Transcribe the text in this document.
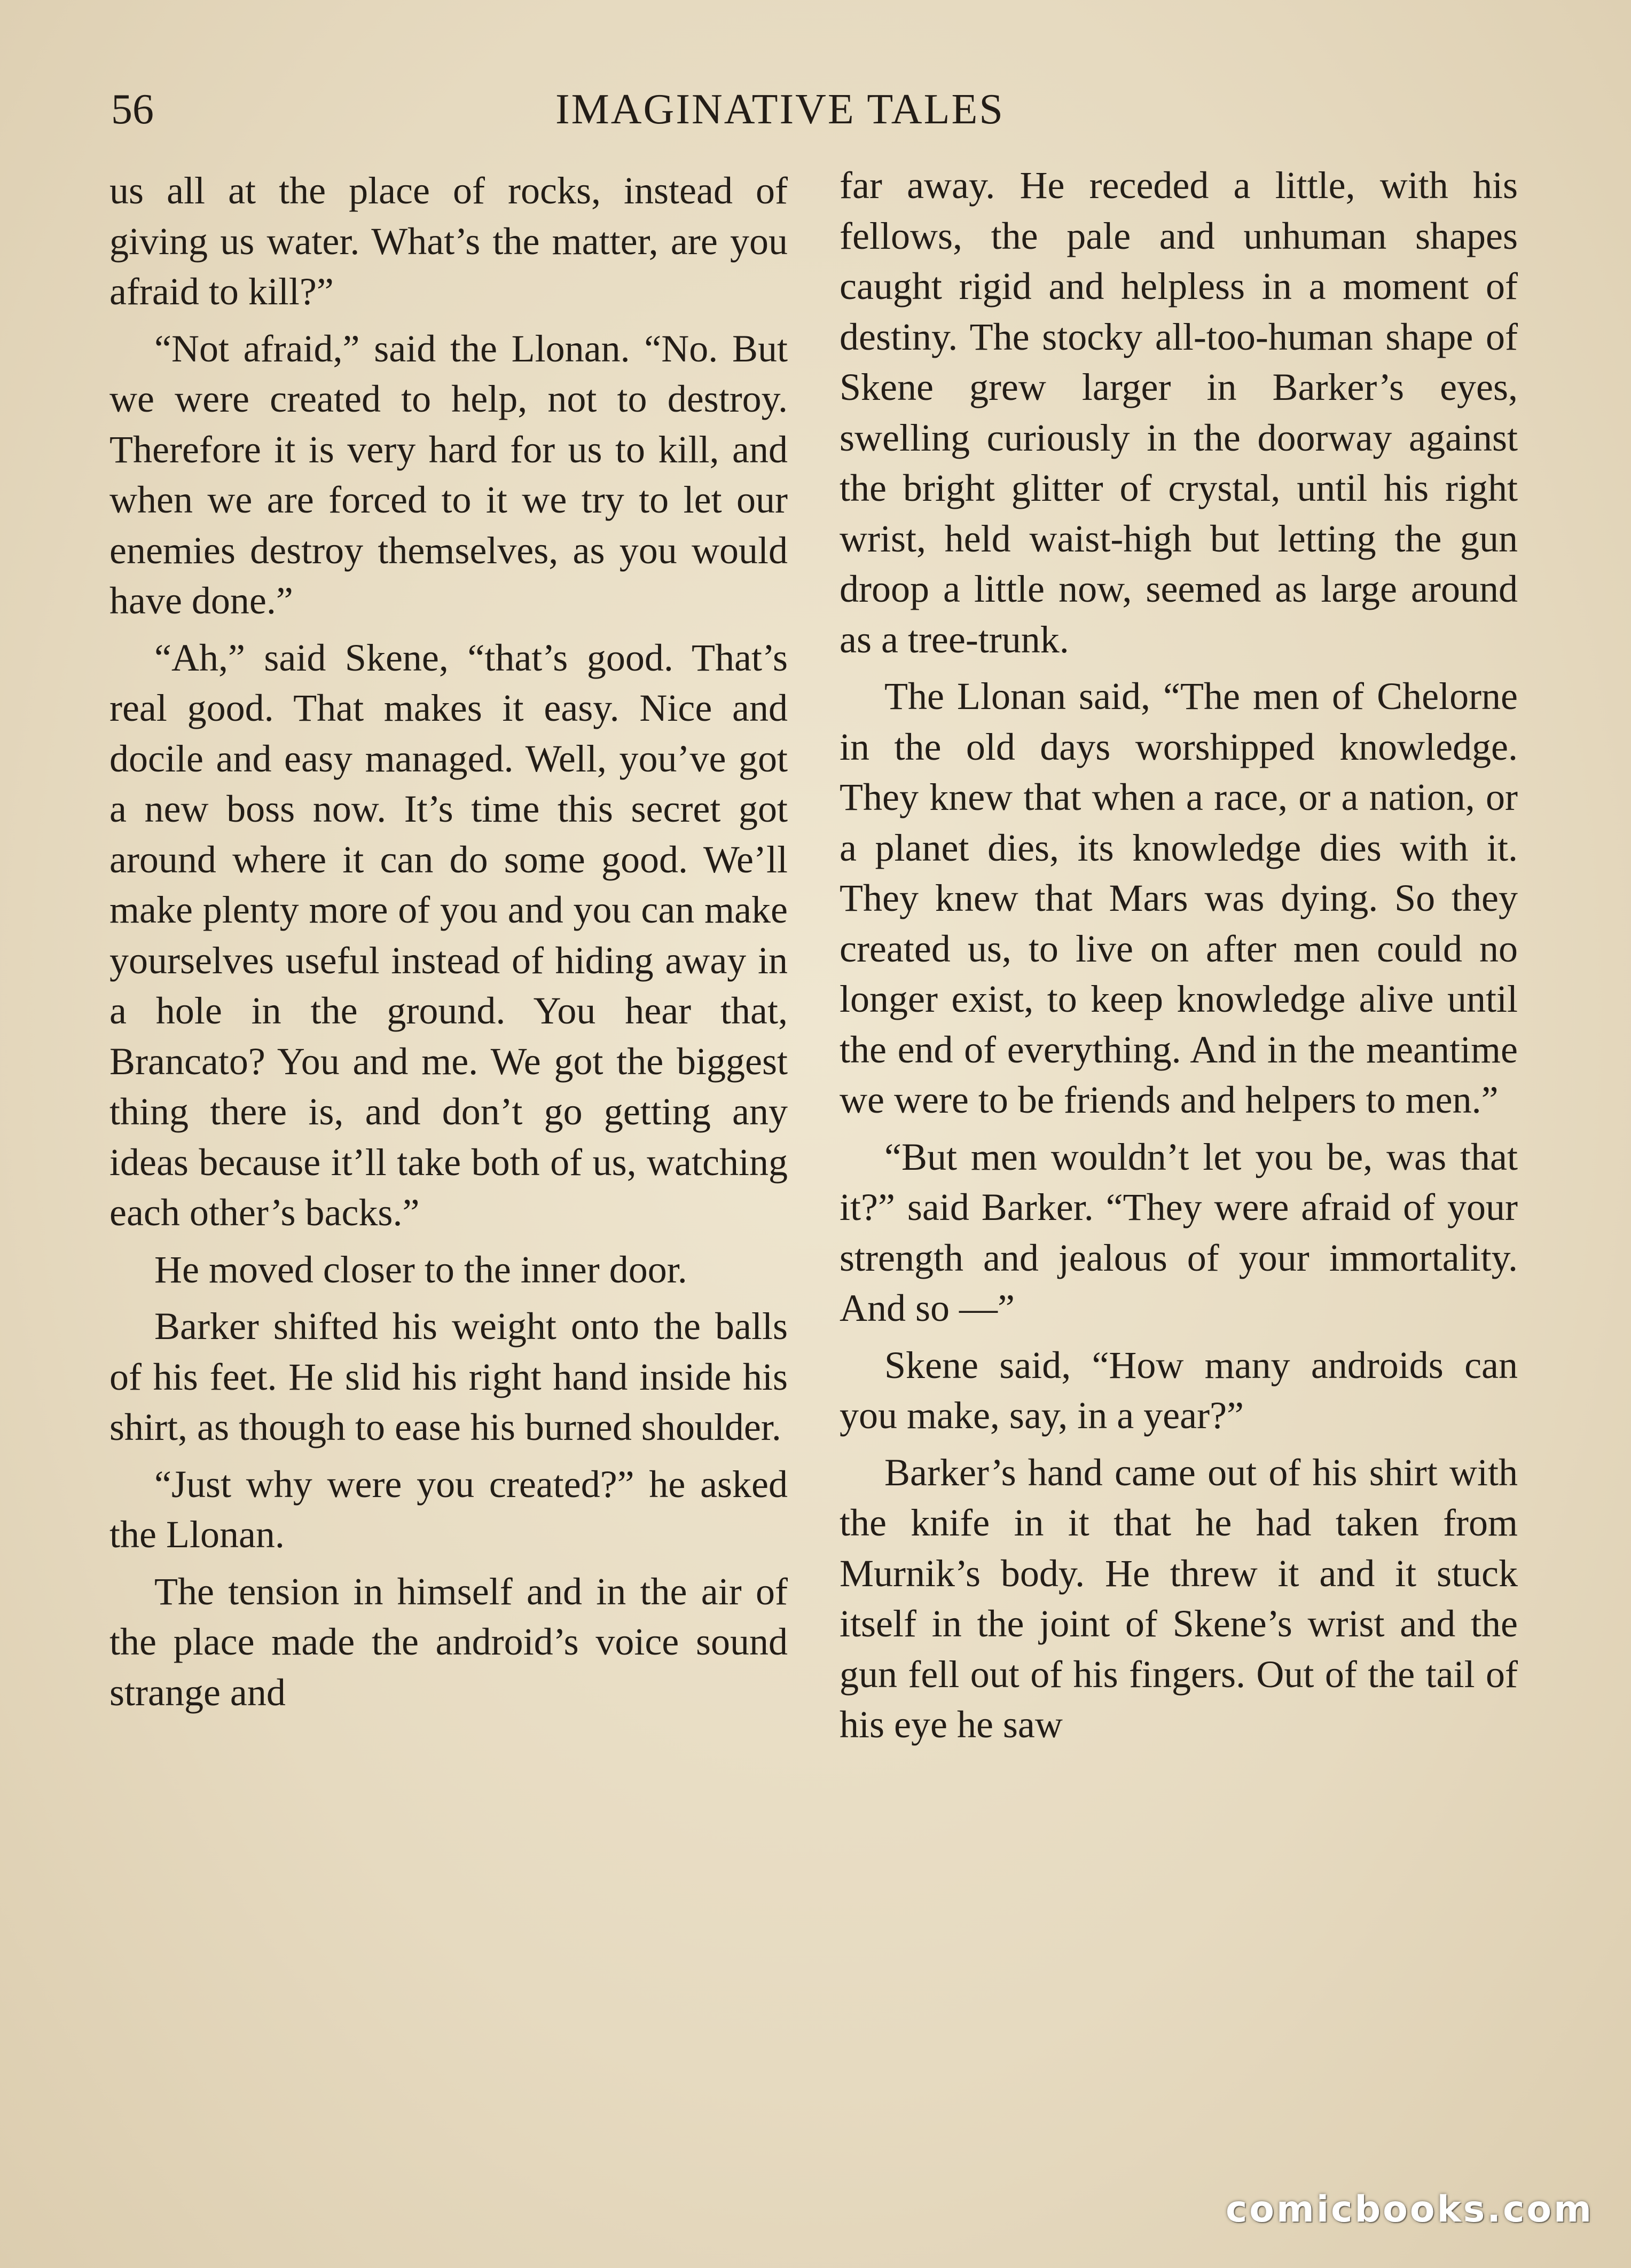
56	IMAGINATIVE TALES

us all at the place of rocks, instead of giving us water. What’s the matter, are you afraid to kill?”

“Not afraid,” said the Llonan. “No. But we were created to help, not to destroy. Therefore it is very hard for us to kill, and when we are forced to it we try to let our enemies destroy themselves, as you would have done.”

“Ah,” said Skene, “that’s good. That’s real good. That makes it easy. Nice and docile and easy managed. Well, you’ve got a new boss now. It’s time this secret got around where it can do some good. We’ll make plenty more of you and you can make yourselves useful instead of hiding away in a hole in the ground. You hear that, Brancato? You and me. We got the biggest thing there is, and don’t go getting any ideas because it’ll take both of us, watching each other’s backs.”

He moved closer to the inner door.

Barker shifted his weight onto the balls of his feet. He slid his right hand inside his shirt, as though to ease his burned shoulder.

“Just why were you created?” he asked the Llonan.

The tension in himself and in the air of the place made the android’s voice sound strange and

far away. He receded a little, with his fellows, the pale and unhuman shapes caught rigid and helpless in a moment of destiny. The stocky all-too-human shape of Skene grew larger in Barker’s eyes, swelling curiously in the doorway against the bright glitter of crystal, until his right wrist, held waist-high but letting the gun droop a little now, seemed as large around as a tree-trunk.

The Llonan said, “The men of Chelorne in the old days worshipped knowledge. They knew that when a race, or a nation, or a planet dies, its knowledge dies with it. They knew that Mars was dying. So they created us, to live on after men could no longer exist, to keep knowledge alive until the end of everything. And in the meantime we were to be friends and helpers to men.”

“But men wouldn’t let you be, was that it?” said Barker. “They were afraid of your strength and jealous of your immortality. And so —”

Skene said, “How many androids can you make, say, in a year?”

Barker’s hand came out of his shirt with the knife in it that he had taken from Murnik’s body. He threw it and it stuck itself in the joint of Skene’s wrist and the gun fell out of his fingers. Out of the tail of his eye he saw

comicbooks.com
